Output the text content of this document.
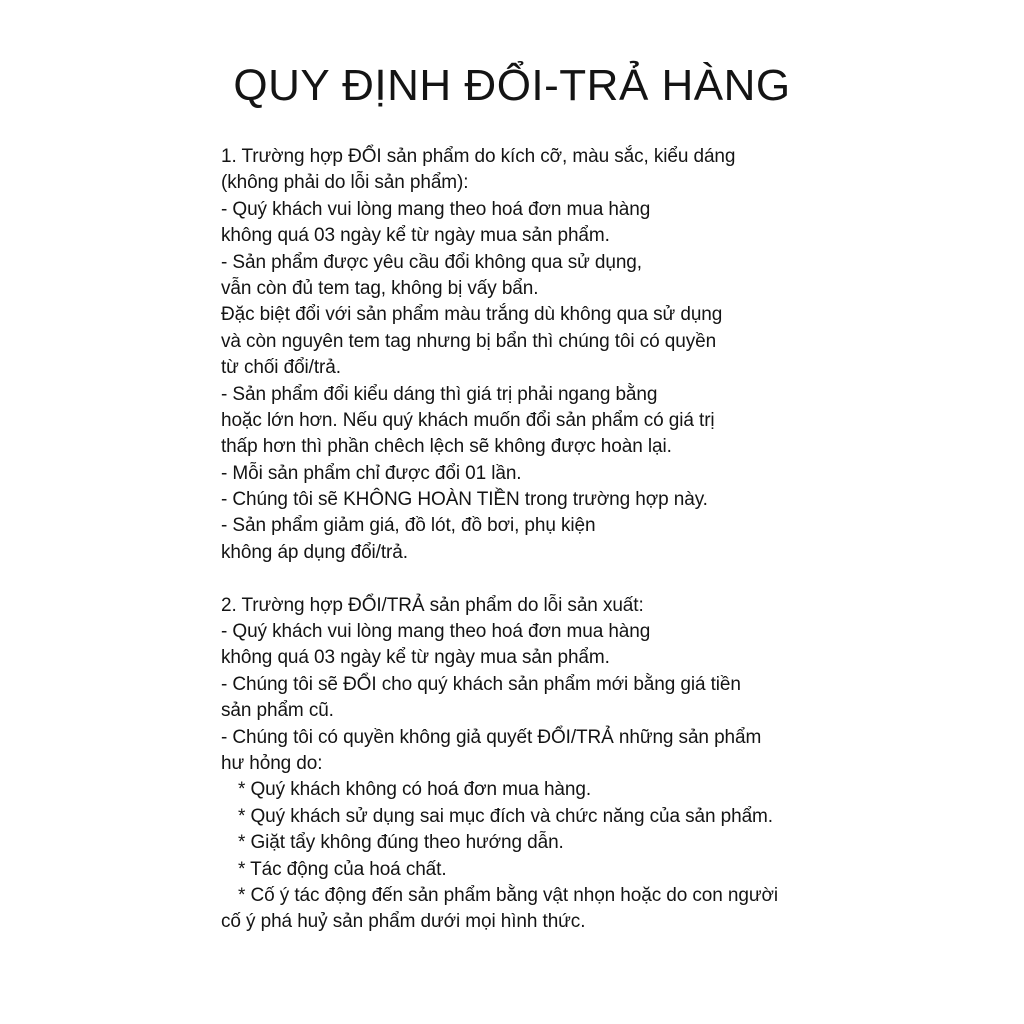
QUY ĐỊNH ĐỔI-TRẢ HÀNG
1. Trường hợp ĐỔI sản phẩm do kích cỡ, màu sắc, kiểu dáng
(không phải do lỗi sản phẩm):
- Quý khách vui lòng mang theo hoá đơn mua hàng
không quá 03 ngày kể từ ngày mua sản phẩm.
- Sản phẩm được yêu cầu đổi không qua sử dụng,
vẫn còn đủ tem tag, không bị vấy bẩn.
Đặc biệt đổi với sản phẩm màu trắng dù không qua sử dụng
và còn nguyên tem tag nhưng bị bẩn thì chúng tôi có quyền
từ chối đổi/trả.
- Sản phẩm đổi kiểu dáng thì giá trị phải ngang bằng
hoặc lớn hơn. Nếu quý khách muốn đổi sản phẩm có giá trị
thấp hơn thì phần chêch lệch sẽ không được hoàn lại.
- Mỗi sản phẩm chỉ được đổi 01 lần.
- Chúng tôi sẽ KHÔNG HOÀN TIỀN trong trường hợp này.
- Sản phẩm giảm giá, đồ lót, đồ bơi, phụ kiện
không áp dụng đổi/trả.
2. Trường hợp ĐỔI/TRẢ sản phẩm do lỗi sản xuất:
- Quý khách vui lòng mang theo hoá đơn mua hàng
không quá 03 ngày kể từ ngày mua sản phẩm.
- Chúng tôi sẽ ĐỔI cho quý khách sản phẩm mới bằng giá tiền
sản phẩm cũ.
- Chúng tôi có quyền không giả quyết ĐỔI/TRẢ những sản phẩm
hư hỏng do:
* Quý khách không có hoá đơn mua hàng.
* Quý khách sử dụng sai mục đích và chức năng của sản phẩm.
* Giặt tẩy không đúng theo hướng dẫn.
* Tác động của hoá chất.
* Cố ý tác động đến sản phẩm bằng vật nhọn hoặc do con người
cố ý phá huỷ sản phẩm dưới mọi hình thức.
